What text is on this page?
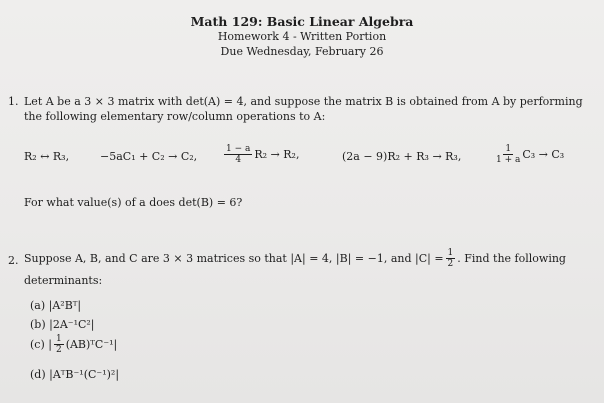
Math 129: Basic Linear Algebra
Homework 4 - Written Portion
Due Wednesday, February 26
1. Let A be a 3 × 3 matrix with det(A) = 4, and suppose the matrix B is obtained from A by performing
the following elementary row/column operations to A:
R₂ ↔ R₃,	−5aC₁ + C₂ → C₂,	$\frac{1 - a}{4} R_2 \to R_2$,	(2a − 9)R₂ + R₃ → R₃,	$\frac{1}{1 + a} C_3 \to C_3$
For what value(s) of a does det(B) = 6?
2. Suppose A, B, and C are 3 × 3 matrices so that |A| = 4, |B| = −1, and $|C| = \frac{1}{2}$ . Find the following
determinants:
(a) |A²Bᵀ|
(b) |2A⁻¹C²|
(c) | $\frac{1}{2}$ (AB)ᵀC⁻¹|
(d) |AᵀB⁻¹(C⁻¹)²|
